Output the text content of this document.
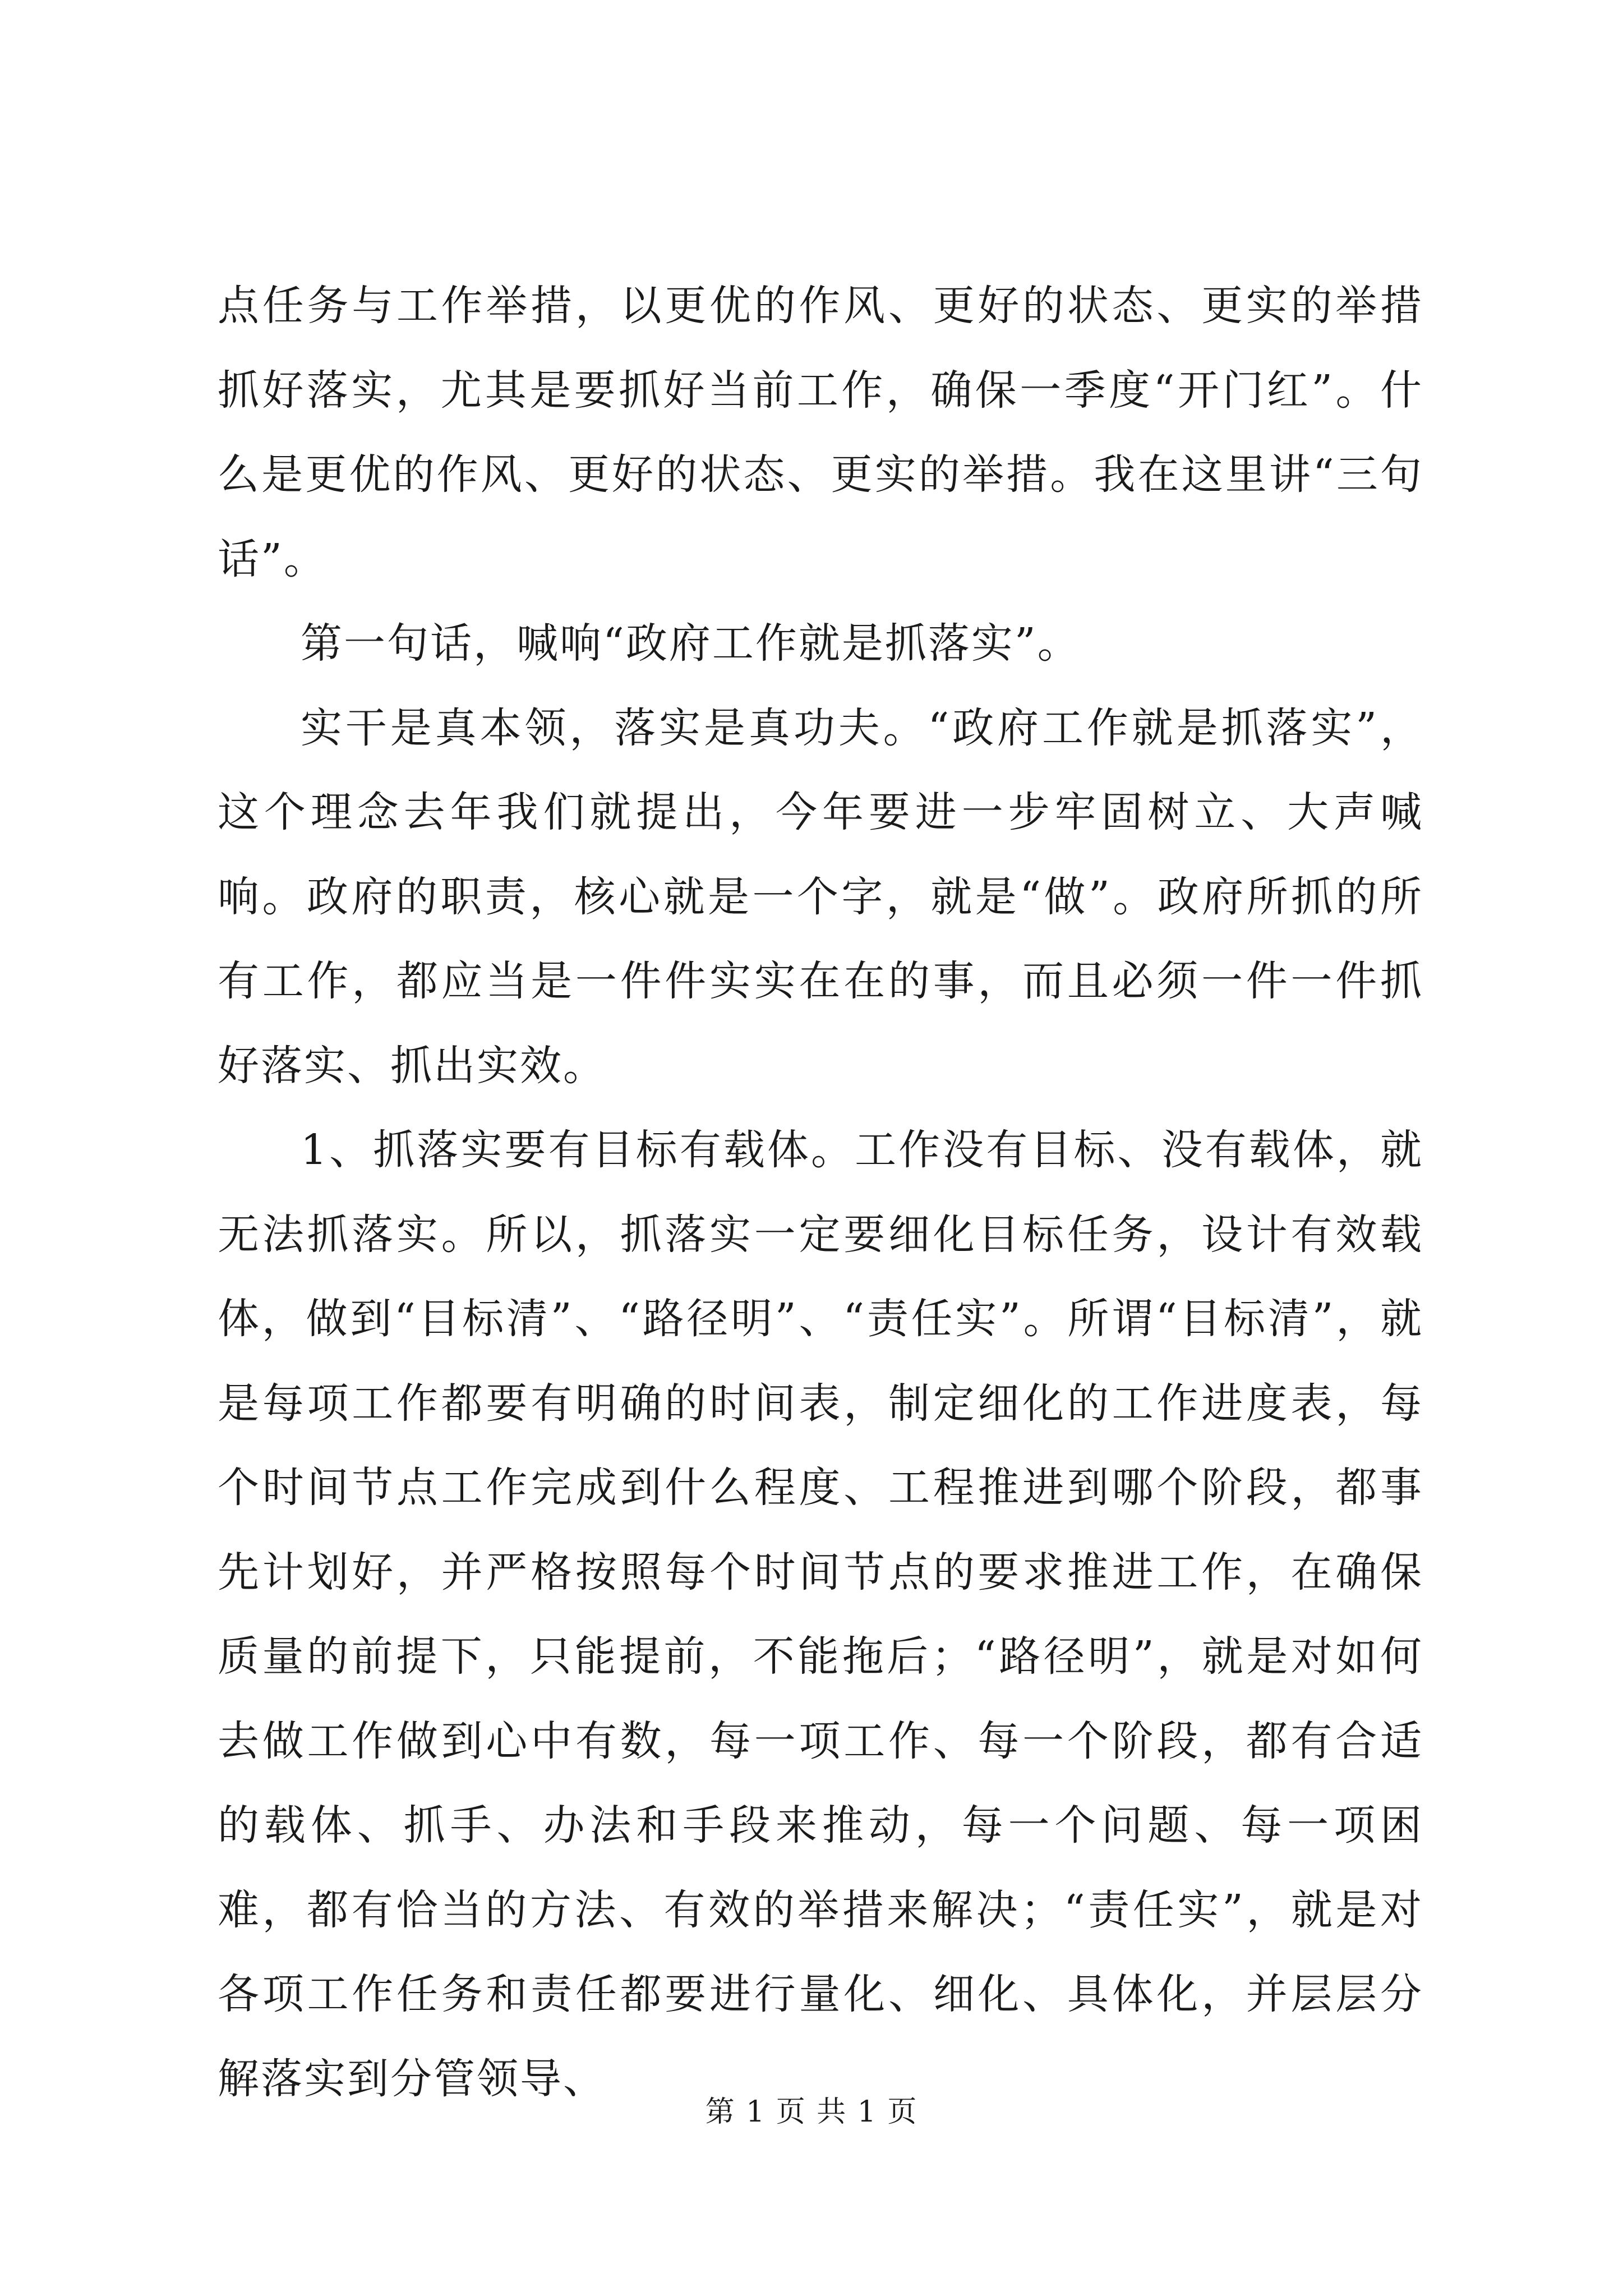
点任务与工作举措，以更优的作风、更好的状态、更实的举措抓好落实，尤其是要抓好当前工作，确保一季度“开门红”。什么是更优的作风、更好的状态、更实的举措。我在这里讲“三句话”。

第一句话，喊响“政府工作就是抓落实”。

实干是真本领，落实是真功夫。“政府工作就是抓落实”，这个理念去年我们就提出，今年要进一步牢固树立、大声喊响。政府的职责，核心就是一个字，就是“做”。政府所抓的所有工作，都应当是一件件实实在在的事，而且必须一件一件抓好落实、抓出实效。

1、抓落实要有目标有载体。工作没有目标、没有载体，就无法抓落实。所以，抓落实一定要细化目标任务，设计有效载体，做到“目标清”、“路径明”、“责任实”。所谓“目标清”，就是每项工作都要有明确的时间表，制定细化的工作进度表，每个时间节点工作完成到什么程度、工程推进到哪个阶段，都事先计划好，并严格按照每个时间节点的要求推进工作，在确保质量的前提下，只能提前，不能拖后；“路径明”，就是对如何去做工作做到心中有数，每一项工作、每一个阶段，都有合适的载体、抓手、办法和手段来推动，每一个问题、每一项困难，都有恰当的方法、有效的举措来解决；“责任实”，就是对各项工作任务和责任都要进行量化、细化、具体化，并层层分解落实到分管领导、

第 1 页 共 1 页
